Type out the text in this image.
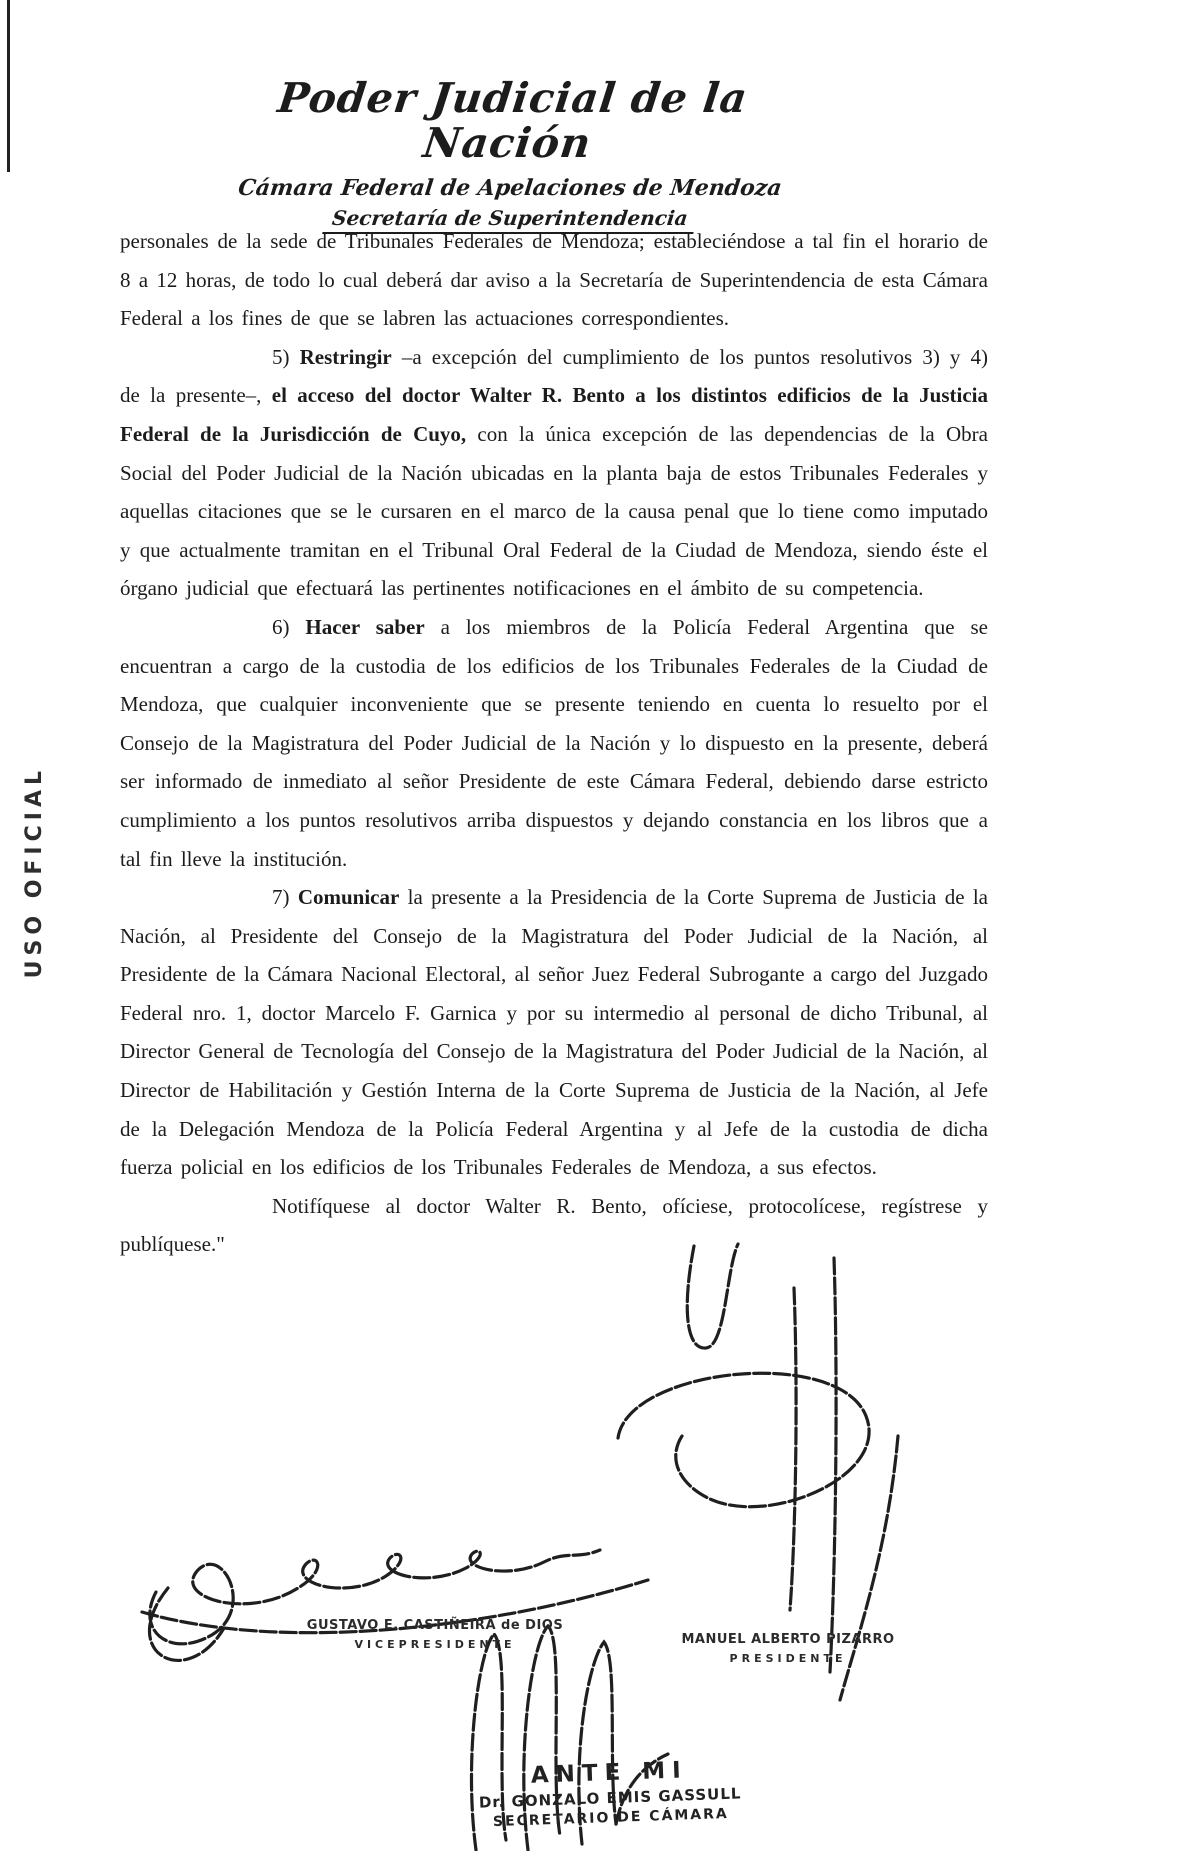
Poder Judicial de la Nación
Cámara Federal de Apelaciones de Mendoza
Secretaría de Superintendencia
USO OFICIAL

personales de la sede de Tribunales Federales de Mendoza; estableciéndose a tal fin el horario de 8 a 12 horas, de todo lo cual deberá dar aviso a la Secretaría de Superintendencia de esta Cámara Federal a los fines de que se labren las actuaciones correspondientes.

5) Restringir –a excepción del cumplimiento de los puntos resolutivos 3) y 4) de la presente–, el acceso del doctor Walter R. Bento a los distintos edificios de la Justicia Federal de la Jurisdicción de Cuyo, con la única excepción de las dependencias de la Obra Social del Poder Judicial de la Nación ubicadas en la planta baja de estos Tribunales Federales y aquellas citaciones que se le cursaren en el marco de la causa penal que lo tiene como imputado y que actualmente tramitan en el Tribunal Oral Federal de la Ciudad de Mendoza, siendo éste el órgano judicial que efectuará las pertinentes notificaciones en el ámbito de su competencia.

6) Hacer saber a los miembros de la Policía Federal Argentina que se encuentran a cargo de la custodia de los edificios de los Tribunales Federales de la Ciudad de Mendoza, que cualquier inconveniente que se presente teniendo en cuenta lo resuelto por el Consejo de la Magistratura del Poder Judicial de la Nación y lo dispuesto en la presente, deberá ser informado de inmediato al señor Presidente de este Cámara Federal, debiendo darse estricto cumplimiento a los puntos resolutivos arriba dispuestos y dejando constancia en los libros que a tal fin lleve la institución.

7) Comunicar la presente a la Presidencia de la Corte Suprema de Justicia de la Nación, al Presidente del Consejo de la Magistratura del Poder Judicial de la Nación, al Presidente de la Cámara Nacional Electoral, al señor Juez Federal Subrogante a cargo del Juzgado Federal nro. 1, doctor Marcelo F. Garnica y por su intermedio al personal de dicho Tribunal, al Director General de Tecnología del Consejo de la Magistratura del Poder Judicial de la Nación, al Director de Habilitación y Gestión Interna de la Corte Suprema de Justicia de la Nación, al Jefe de la Delegación Mendoza de la Policía Federal Argentina y al Jefe de la custodia de dicha fuerza policial en los edificios de los Tribunales Federales de Mendoza, a sus efectos.

Notifíquese al doctor Walter R. Bento, ofíciese, protocolícese, regístrese y publíquese."

GUSTAVO E. CASTIÑEIRA de DIOS
VICEPRESIDENTE	MANUEL ALBERTO PIZARRO
PRESIDENTE
ANTE MI
Dr. GONZALO EMIS GASSULL
SECRETARIO DE CÁMARA
